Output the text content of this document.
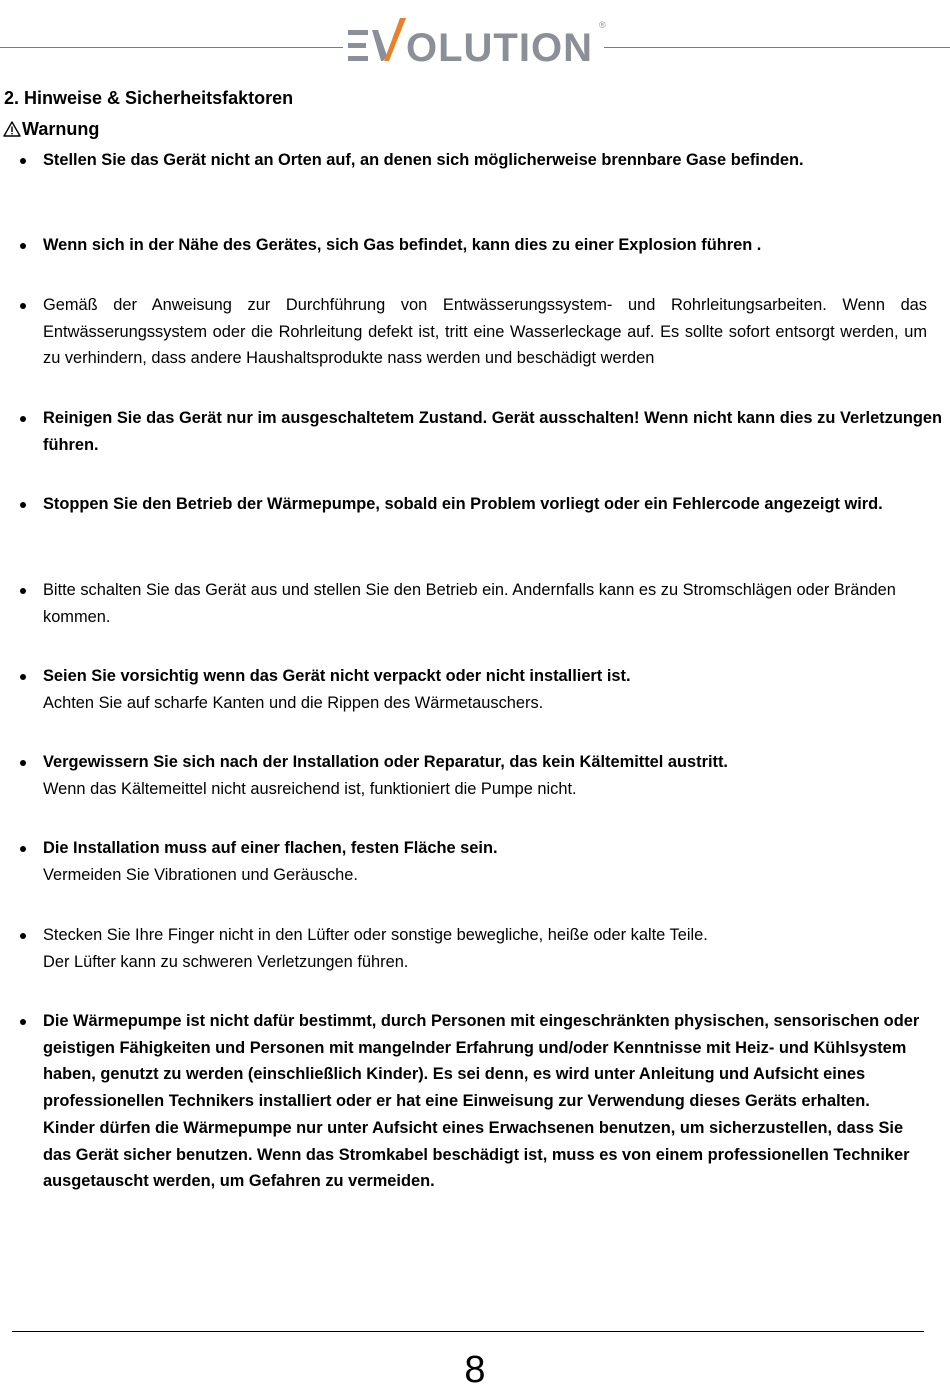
OLUTION
®
2. Hinweise & Sicherheitsfaktoren
Warnung
Stellen Sie das Gerät nicht an Orten auf, an denen sich möglicherweise brennbare Gase befinden.
Wenn sich in der Nähe des Gerätes, sich Gas befindet, kann dies zu einer Explosion führen .
Gemäß der Anweisung zur Durchführung von Entwässerungssystem- und Rohrleitungsarbeiten. Wenn das Entwässerungssystem oder die Rohrleitung defekt ist, tritt eine Wasserleckage auf. Es sollte sofort entsorgt werden, um zu verhindern, dass andere Haushaltsprodukte nass werden und beschädigt werden
Reinigen Sie das Gerät nur im ausgeschaltetem Zustand. Gerät ausschalten! Wenn nicht kann dies zu Verletzungen führen.
Stoppen Sie den Betrieb der Wärmepumpe, sobald ein Problem vorliegt oder ein Fehlercode angezeigt wird.
Bitte schalten Sie das Gerät aus und stellen Sie den Betrieb ein. Andernfalls kann es zu Stromschlägen oder Bränden kommen.
Seien Sie vorsichtig wenn das Gerät nicht verpackt oder nicht installiert ist.
Achten Sie auf scharfe Kanten und die Rippen des Wärmetauschers.
Vergewissern Sie sich nach der Installation oder Reparatur, das kein Kältemittel austritt.
Wenn das Kältemeittel nicht ausreichend ist, funktioniert die Pumpe nicht.
Die Installation muss auf einer flachen, festen Fläche sein.
Vermeiden Sie Vibrationen und Geräusche.
Stecken Sie Ihre Finger nicht in den Lüfter oder sonstige bewegliche, heiße oder kalte Teile.
Der Lüfter kann zu schweren Verletzungen führen.
Die Wärmepumpe ist nicht dafür bestimmt, durch Personen mit eingeschränkten physischen, sensorischen oder geistigen Fähigkeiten und Personen mit mangelnder Erfahrung und/oder Kenntnisse mit Heiz- und Kühlsystem haben, genutzt zu werden (einschließlich Kinder). Es sei denn, es wird unter Anleitung und Aufsicht eines professionellen Technikers installiert oder er hat eine Einweisung zur Verwendung dieses Geräts erhalten. Kinder dürfen die Wärmepumpe nur unter Aufsicht eines Erwachsenen benutzen, um sicherzustellen, dass Sie das Gerät sicher benutzen. Wenn das Stromkabel beschädigt ist, muss es von einem professionellen Techniker ausgetauscht werden, um Gefahren zu vermeiden.
8
